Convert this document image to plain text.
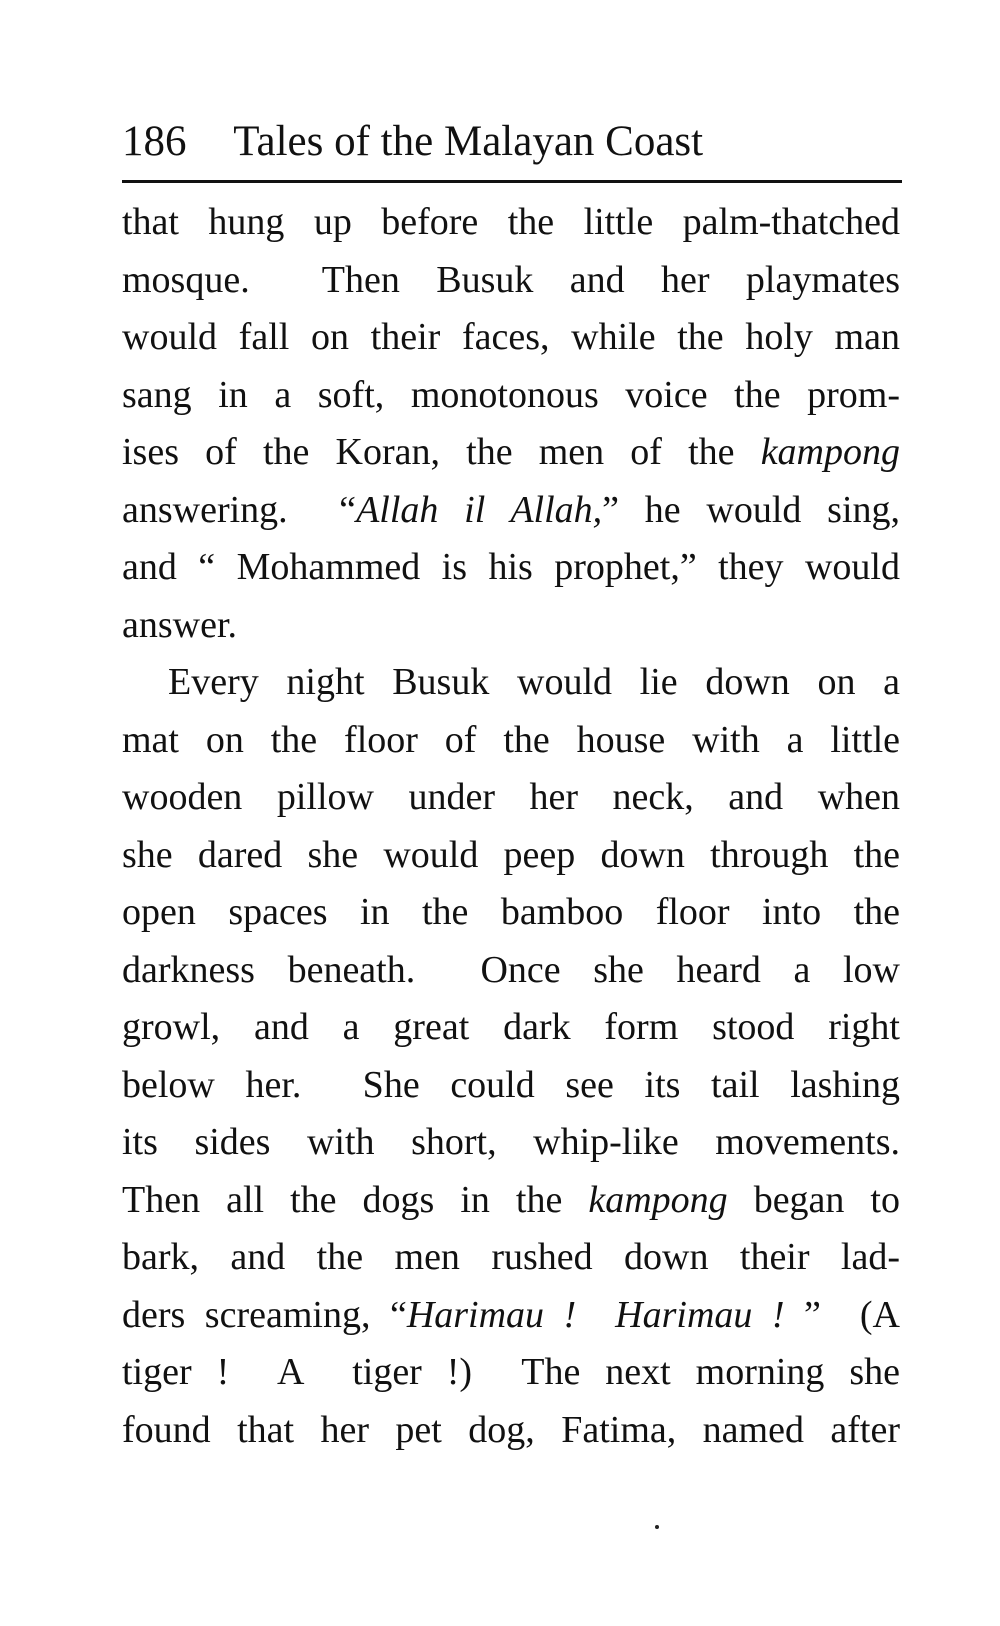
186 Tales of the Malayan Coast
that hung up before the little palm-thatched
mosque.  Then Busuk and her playmates
would fall on their faces, while the holy man
sang in a soft, monotonous voice the prom-
ises of the Koran, the men of the kampong
answering.  “Allah il Allah,” he would sing,
and “ Mohammed is his prophet,” they would
answer.
Every night Busuk would lie down on a
mat on the floor of the house with a little
wooden pillow under her neck, and when
she dared she would peep down through the
open spaces in the bamboo floor into the
darkness beneath.  Once she heard a low
growl, and a great dark form stood right
below her.  She could see its tail lashing
its sides with short, whip-like movements.
Then all the dogs in the kampong began to
bark, and the men rushed down their lad-
ders screaming, “Harimau !  Harimau ! ”  (A
tiger !  A  tiger !)  The next morning she
found that her pet dog, Fatima, named after
